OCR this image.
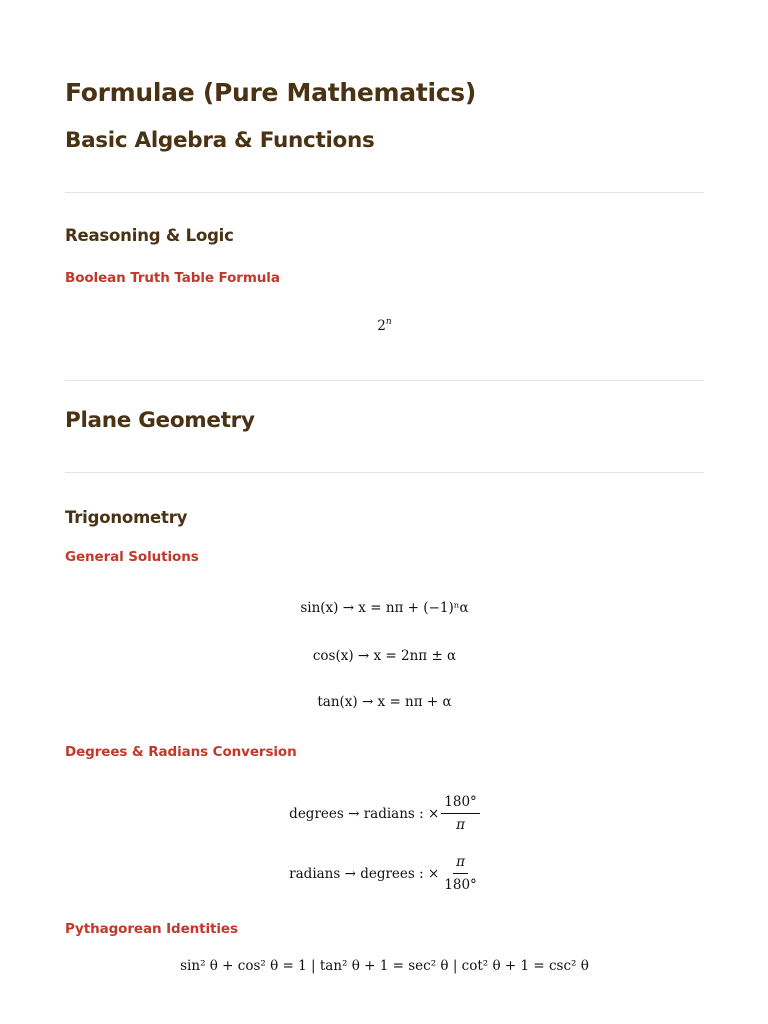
Formulae (Pure Mathematics)
Basic Algebra & Functions
Reasoning & Logic
Boolean Truth Table Formula
2$^n$
Plane Geometry
Trigonometry
General Solutions
sin(x) → x = nπ + (−1)ⁿα
cos(x) → x = 2nπ ± α
tan(x) → x = nπ + α
Degrees & Radians Conversion
degrees → radians : × $\frac{180^\circ}{\pi}$
radians → degrees : × $\frac{\pi}{180^\circ}$
Pythagorean Identities
sin² θ + cos² θ = 1 | tan² θ + 1 = sec² θ | cot² θ + 1 = csc² θ
